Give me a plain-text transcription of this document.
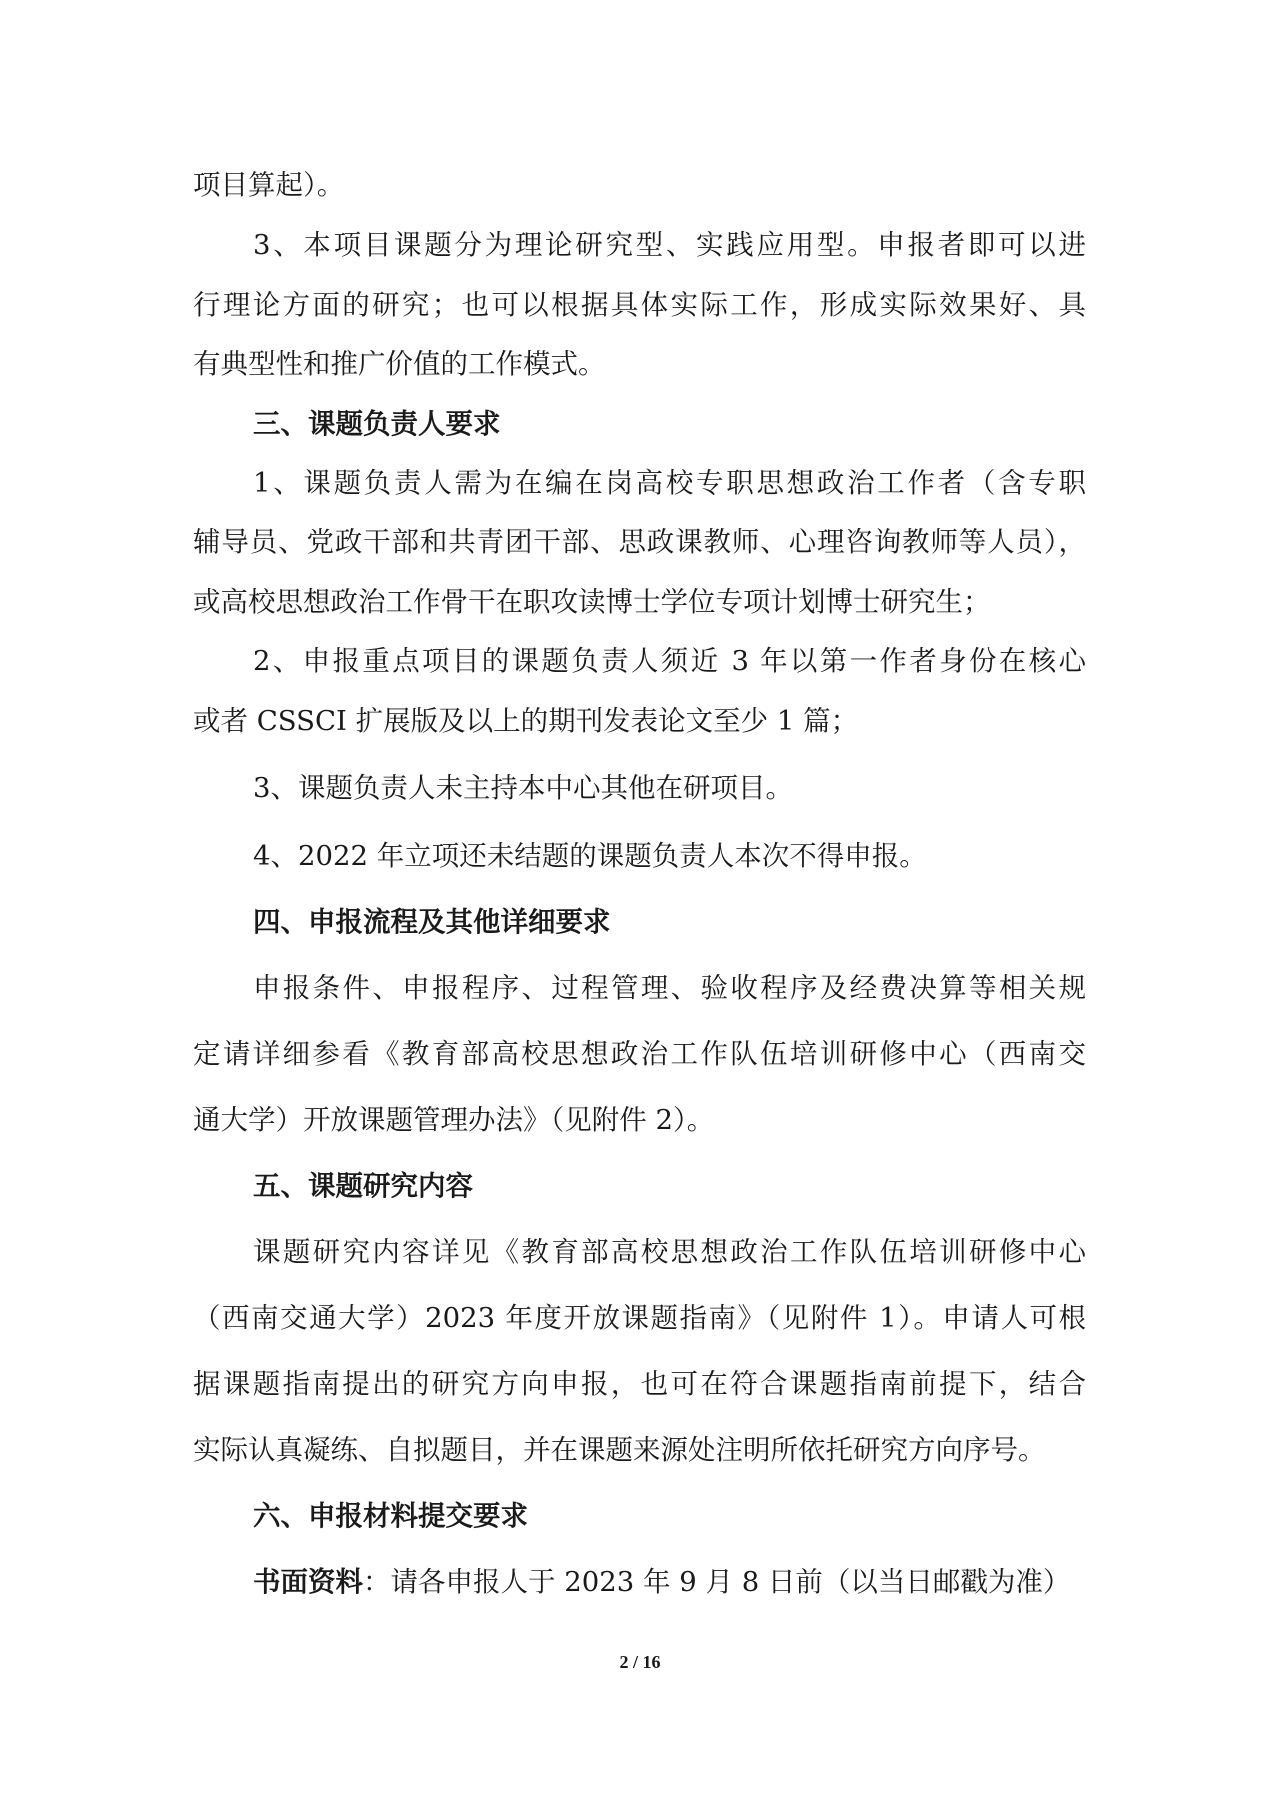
项目算起）。

3、本项目课题分为理论研究型、实践应用型。申报者即可以进

行理论方面的研究；也可以根据具体实际工作，形成实际效果好、具

有典型性和推广价值的工作模式。

三、课题负责人要求

1、课题负责人需为在编在岗高校专职思想政治工作者（含专职

辅导员、党政干部和共青团干部、思政课教师、心理咨询教师等人员），

或高校思想政治工作骨干在职攻读博士学位专项计划博士研究生；

2、申报重点项目的课题负责人须近 3 年以第一作者身份在核心

或者 CSSCI 扩展版及以上的期刊发表论文至少 1 篇；

3、课题负责人未主持本中心其他在研项目。

4、2022 年立项还未结题的课题负责人本次不得申报。

四、申报流程及其他详细要求

申报条件、申报程序、过程管理、验收程序及经费决算等相关规

定请详细参看《教育部高校思想政治工作队伍培训研修中心（西南交

通大学）开放课题管理办法》（见附件 2）。

五、课题研究内容

课题研究内容详见《教育部高校思想政治工作队伍培训研修中心

（西南交通大学）2023 年度开放课题指南》（见附件 1）。申请人可根

据课题指南提出的研究方向申报，也可在符合课题指南前提下，结合

实际认真凝练、自拟题目，并在课题来源处注明所依托研究方向序号。

六、申报材料提交要求

书面资料：请各申报人于 2023 年 9 月 8 日前（以当日邮戳为准）

2 / 16
